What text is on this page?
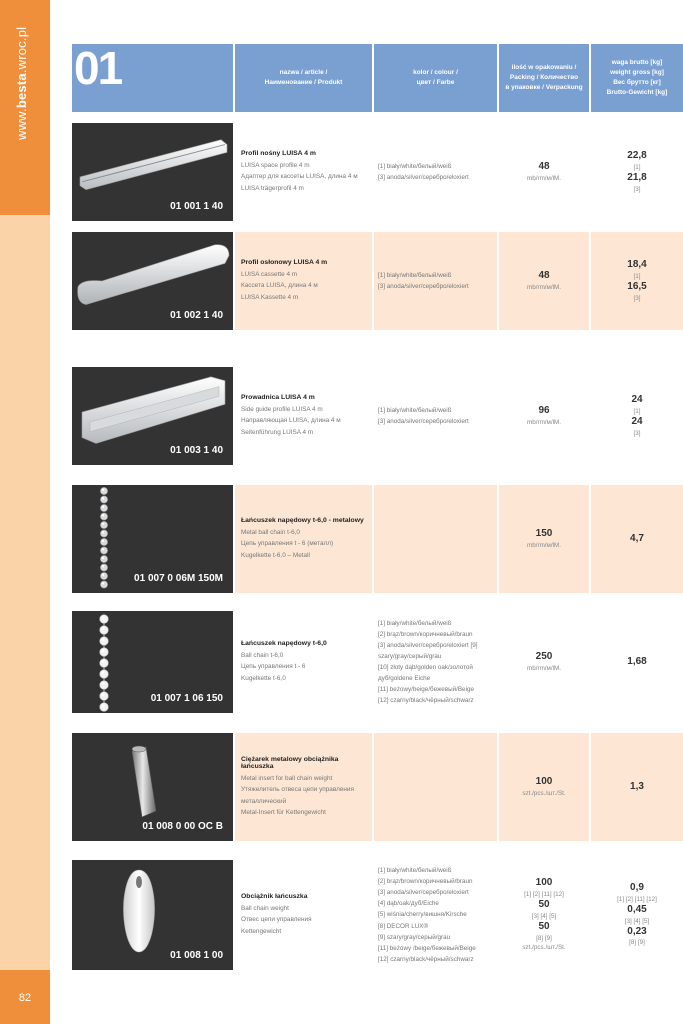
www.besta.wroc.pl
82
01	nazwa / article /
Наименование / Produkt
kolor / colour /
цвет / Farbe
ilość w opakowaniu /
Packing / Количество
в упаковке / Verpackung
waga brutto [kg]
weight gross [kg]
Вес брутто [кг]
Brutto-Gewicht [kg]
01 001 1 40
Profil nośny LUISA 4 m
LUISA space profile 4 m
Адаптер для кассеты LUISA, длина 4 м
LUISA trägerprofil 4 m
[1] biały/white/белый/weiß
[3] anoda/silver/серебро/eloxiert
48
mb/rm/м/lM.
22,8
[1]
21,8
[3]
01 002 1 40
Profil osłonowy LUISA 4 m
LUISA cassette 4 m
Кассета LUISA, длина 4 м
LUISA Kassette 4 m
[1] biały/white/белый/weiß
[3] anoda/silver/серебро/eloxiert
48
mb/rm/м/lM.
18,4
[1]
16,5
[3]
01 003 1 40
Prowadnica LUISA 4 m
Side guide profile LUISA 4 m
Направляющая LUISA, длина 4 м
Seitenführung LUISA 4 m
[1] biały/white/белый/weiß
[3] anoda/silver/серебро/eloxiert
96
mb/rm/м/lM.
24
[1]
24
[3]
01 007 0 06M 150M
Łańcuszek napędowy t-6,0 - metalowy
Metal ball chain t-6,0
Цепь управления t - 6 (металл)
Kugelkette t-6,0 – Metall
150
mb/rm/м/lM.
4,7
01 007 1 06 150
Łańcuszek napędowy t-6,0
Ball chain t-6,0
Цепь управления t - 6
Kugelkette t-6,0
[1] biały/white/белый/weiß
[2] brąz/brown/коричневый/braun
[3] anoda/silver/серебро/eloxiert [9]
szary/gray/серый/grau
[10] złoty dąb/golden oak/золотой
дуб/goldene Eiche
[11] beżowy/beige/бежевый/Beige
[12] czarny/black/чёрный/schwarz
250
mb/rm/м/lM.
1,68
01 008 0 00 OC B
Ciężarek metalowy obciążnika łańcuszka
Metal insert for ball chain weight
Утяжелитель отвеса цепи управления
металлический
Metal-Insert für Kettengewicht
100
szt./pcs./шт./St.
1,3
01 008 1 00
Obciążnik łańcuszka
Ball chain weight
Отвес цепи управления
Kettengewicht
[1] biały/white/белый/weiß
[2] brąz/brown/коричневый/braun
[3] anoda/silver/серебро/eloxiert
[4] dąb/oak/дуб/Eiche
[5] wiśnia/cherry/вишня/Kirsche
[8] DECOR LUX®
[9] szary/gray/серый/grau
[11] beżowy /beige/бежевый/Beige
[12] czarny/black/чёрный/schwarz
100
[1] [2] [11] [12]
50
[3] [4] [5]
50
[8] [9]
szt./pcs./шт./St.
0,9
[1] [2] [11] [12]
0,45
[3] [4] [5]
0,23
[8] [9]
